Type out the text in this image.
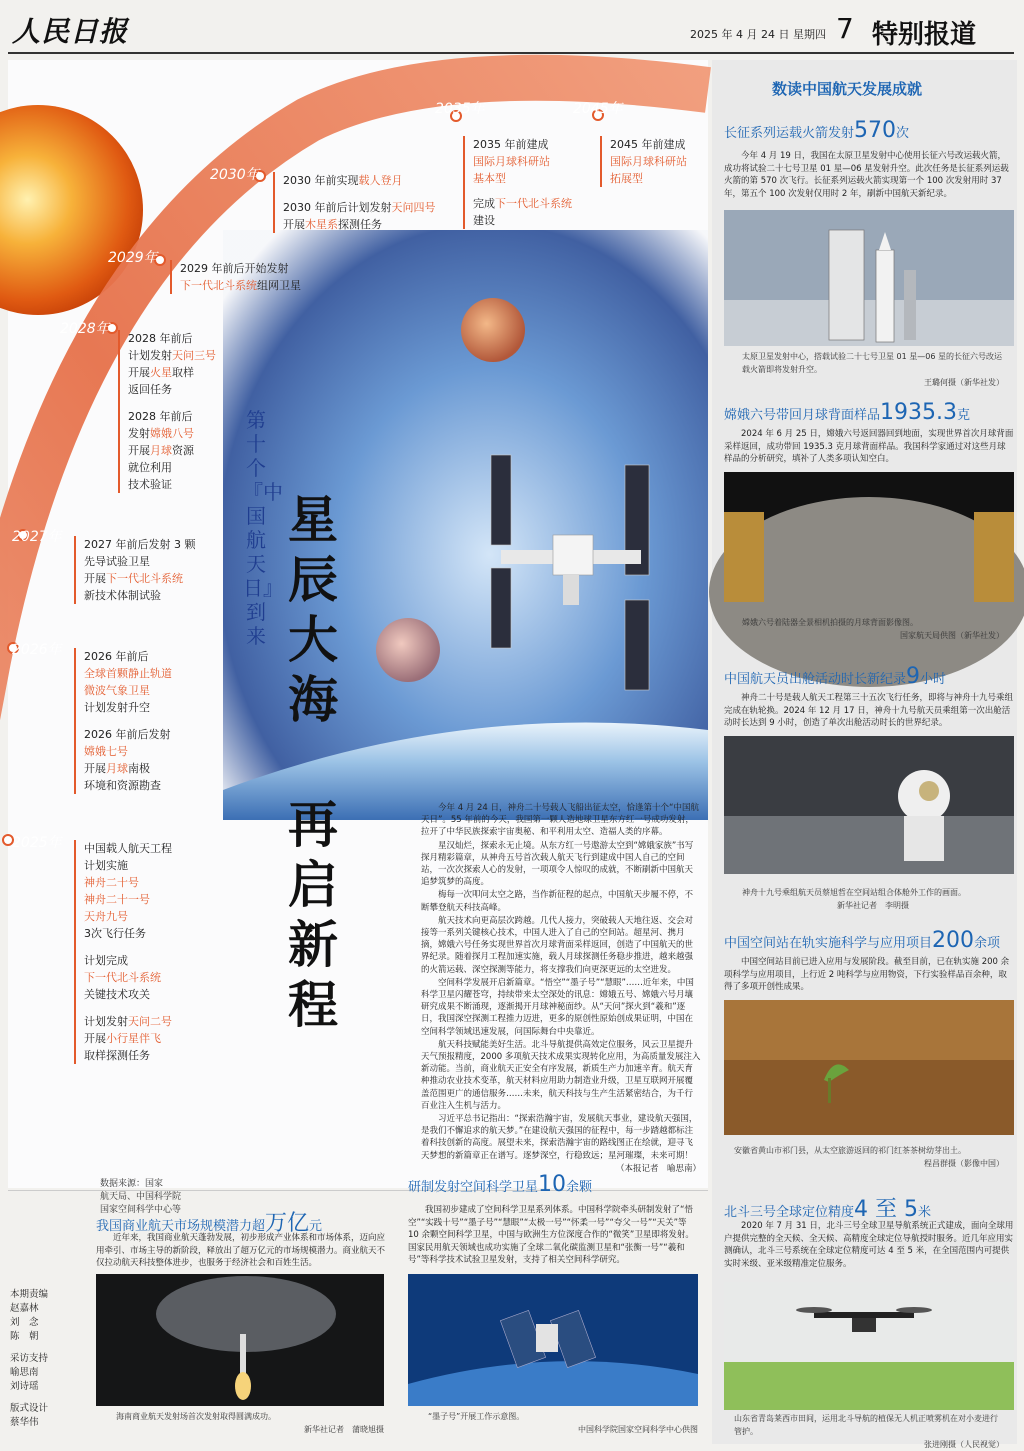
人民日报	2025 年 4 月 24 日 星期四 7 特别报道
2035年	2045年
2030年
2029年
2028年
2027年
2026年
2025年
2035 年前建成
国际月球科研站
基本型
完成下一代北斗系统
建设
2045 年前建成
国际月球科研站
拓展型
2030 年前实现载人登月
2030 年前后计划发射天问四号
开展木星系探测任务
2029 年前后开始发射
下一代北斗系统组网卫星
2028 年前后
计划发射天问三号
开展火星取样
返回任务
2028 年前后
发射嫦娥八号
开展月球资源
就位利用
技术验证
2027 年前后发射 3 颗
先导试验卫星
开展下一代北斗系统
新技术体制试验
2026 年前后
全球首颗静止轨道
微波气象卫星
计划发射升空
2026 年前后发射
嫦娥七号
开展月球南极
环境和资源勘查
中国载人航天工程
计划实施
神舟二十号
神舟二十一号
天舟九号
3次飞行任务
计划完成
下一代北斗系统
关键技术攻关
计划发射天问二号
开展小行星伴飞
取样探测任务
第十个『中国航天日』到来
星辰大海
再启新程

今年 4 月 24 日，神舟二十号载人飞船出征太空，恰逢第十个“中国航天日”。55 年前的今天，我国第一颗人造地球卫星东方红一号成功发射，拉开了中华民族探索宇宙奥秘、和平利用太空、造福人类的序幕。

星汉灿烂，探索永无止境。从东方红一号遨游太空到“嫦娥家族”书写探月精彩篇章，从神舟五号首次载人航天飞行到建成中国人自己的空间站，一次次探索人心的发射，一项项令人惊叹的成就，不断刷新中国航天追梦筑梦的高度。

梅每一次叩问太空之路，当作新征程的起点，中国航天步履不停，不断攀登航天科技高峰。

航天技术向更高层次跨越。几代人接力，突破载人天地往返、交会对接等一系列关键核心技术，中国人进入了自己的空间站。超星河、携月摘，嫦娥六号任务实现世界首次月球背面采样返回，创造了中国航天的世界纪录。随着探月工程加速实施，载人月球探测任务稳步推进，越来越强的火箭运载、深空探测等能力，将支撑我们向更深更远的太空进发。

空间科学发展开启新篇章。“悟空”“墨子号”“慧眼”……近年来，中国科学卫星闪耀苍穹，持续带来太空深处的讯息：嫦娥五号、嫦娥六号月壤研究成果不断涌现，逐渐揭开月球神秘面纱。从“天问”探火到“羲和”逐日，我国深空探测工程推力迈进，更多的原创性原始创成果证明，中国在空间科学领域迅速发展，问国际舞台中央靠近。

航天科技赋能美好生活。北斗导航提供高效定位服务，风云卫星提升天气预报精度，2000 多项航天技术成果实现转化应用，为高质量发展注入新动能。当前，商业航天正安全有序发展，新质生产力加速辛育。航天育种推动农业技术变革，航天材料应用助力制造业升级，卫星互联网开展覆盖范围更广的通信服务……未来，航天科技与生产生活紧密结合，为千行百业注入生机与活力。

习近平总书记指出：“探索浩瀚宇宙，发展航天事业，建设航天强国，是我们不懈追求的航天梦。”在建设航天强国的征程中，每一步踏越都标注着科技创新的高度。展望未来，探索浩瀚宇宙的路线图正在绘就，迎寻飞天梦想的新篇章正在谱写。逐梦深空，行稳致远；星河璀璨，未来可期！

（本报记者　喻思南）
数据来源：国家
航天局、中国科学院
国家空间科学中心等
数读中国航天发展成就
长征系列运载火箭发射570次
今年 4 月 19 日，我国在太原卫星发射中心使用长征六号改运载火箭，成功将试验二十七号卫星 01 星—06 星发射升空。此次任务是长征系列运载火箭的第 570 次飞行。长征系列运载火箭实现第一个 100 次发射用时 37 年，第五个 100 次发射仅用时 2 年，刷新中国航天新纪录。
太原卫星发射中心，搭载试验二十七号卫星 01 星—06 星的长征六号改运载火箭即将发射升空。
王璐何摄（新华社发）
嫦娥六号带回月球背面样品1935.3克
2024 年 6 月 25 日，嫦娥六号返回器回到地面，实现世界首次月球背面采样返回，成功带回 1935.3 克月球背面样品。我国科学家通过对这些月球样品的分析研究，填补了人类多项认知空白。
嫦娥六号着陆器全景相机拍摄的月球背面影像图。
国家航天局供图（新华社发）
中国航天员出舱活动时长新纪录9小时
神舟二十号是载人航天工程第三十五次飞行任务，即将与神舟十九号乘组完成在轨轮换。2024 年 12 月 17 日，神舟十九号航天员乘组第一次出舱活动时长达到 9 小时，创造了单次出舱活动时长的世界纪录。
神舟十九号乘组航天员蔡旭哲在空间站组合体舱外工作的画面。
新华社记者　李明摄
中国空间站在轨实施科学与应用项目200余项
中国空间站目前已进入应用与发展阶段。截至目前，已在轨实施 200 余项科学与应用项目，上行近 2 吨科学与应用物资，下行实验样品百余种，取得了多项开创性成果。
安徽省黄山市祁门县，从太空旅游返回的祁门红茶茶树幼芽出土。
程昌群摄（影像中国）
北斗三号全球定位精度4 至 5米
2020 年 7 月 31 日，北斗三号全球卫星导航系统正式建成，面向全球用户提供完整的全天候、全天候、高精度全球定位导航授时服务。近几年应用实测确认，北斗三号系统在全球定位精度可达 4 至 5 米，在全国范围内可提供实时米级、亚米级精准定位服务。
山东省青岛莱西市田间，运用北斗导航的植保无人机正喷雾机在对小麦进行管护。
张进刚摄（人民视觉）
我国商业航天市场规模潜力超万亿元
近年来，我国商业航天蓬勃发展，初步形成产业体系和市场体系，迈向应用牵引、市场主导的新阶段，释放出了超万亿元的市场规模潜力。商业航天不仅拉动航天科技整体进步，也服务于经济社会和百姓生活。
海南商业航天发射场首次发射取得圆满成功。
新华社记者　蒲晓旭摄
研制发射空间科学卫星10余颗
我国初步建成了空间科学卫星系列体系。中国科学院牵头研制发射了“悟空”“实践十号”“墨子号”“慧眼”“太极一号”“怀柔一号”“夸父一号”“天关”等 10 余颗空间科学卫星，中国与欧洲生方位深度合作的“微笑”卫星即将发射。国家民用航天领域也成功实施了全球二氧化碳监测卫星和“张衡一号”“羲和号”等科学技术试验卫星发射，支持了相关空间科学研究。
“墨子号”开展工作示意图。
中国科学院国家空间科学中心供图
本期责编
赵嘉林
刘　念
陈　朝
采访支持
喻思南
刘诗瑶
版式设计
蔡华伟
